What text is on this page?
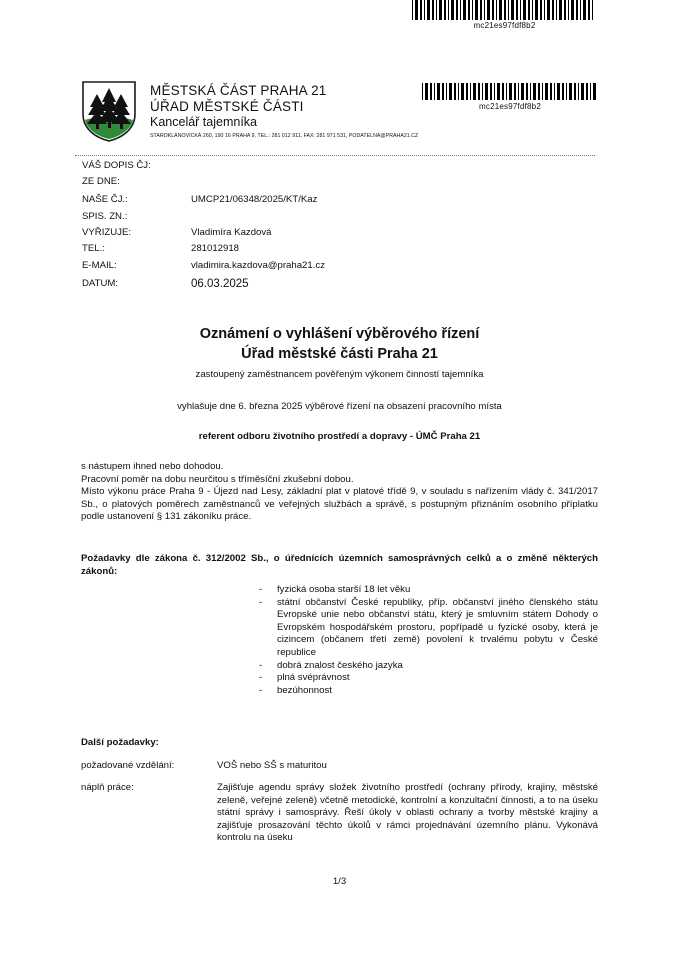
mc21es97fdf8b2
MĚSTSKÁ ČÁST PRAHA 21
ÚŘAD MĚSTSKÉ ČÁSTI
Kancelář tajemníka
STAROKLÁNOVICKÁ 260, 190 16 PRAHA 9, TEL.: 281 012 911, FAX: 281 971 531, PODATELNA@PRAHA21.CZ
mc21es97fdf8b2
VÁŠ DOPIS ČJ:
ZE DNE:
NAŠE ČJ.:	UMCP21/06348/2025/KT/Kaz
SPIS. ZN.:
VYŘIZUJE:	Vladimíra Kazdová
TEL.:	281012918
E-MAIL:	vladimira.kazdova@praha21.cz
DATUM:	06.03.2025
Oznámení o vyhlášení výběrového řízení
Úřad městské části Praha 21
zastoupený zaměstnancem pověřeným výkonem činností tajemníka
vyhlašuje dne 6. března 2025 výběrové řízení na obsazení pracovního místa
referent odboru životního prostředí a dopravy - ÚMČ Praha 21

s nástupem ihned nebo dohodou.

Pracovní poměr na dobu neurčitou s tříměsíční zkušební dobou.

Místo výkonu práce Praha 9 - Újezd nad Lesy, základní plat v platové třídě 9, v souladu s nařízením vlády č. 341/2017 Sb., o platových poměrech zaměstnanců ve veřejných službách a správě, s postupným přiznáním osobního příplatku podle ustanovení § 131 zákoníku práce.

Požadavky dle zákona č. 312/2002 Sb., o úřednících územních samosprávných celků a o změně některých zákonů:
- fyzická osoba starší 18 let věku
- státní občanství České republiky, příp. občanství jiného členského státu Evropské unie nebo občanství státu, který je smluvním státem Dohody o Evropském hospodářském prostoru, popřípadě u fyzické osoby, která je cizincem (občanem třetí země) povolení k trvalému pobytu v České republice
- dobrá znalost českého jazyka
- plná svéprávnost
- bezúhonnost
Další požadavky:
požadované vzdělání:	VOŠ nebo SŠ s maturitou
náplň práce:	Zajišťuje agendu správy složek životního prostředí (ochrany přírody, krajiny, městské zeleně, veřejné zeleně) včetně metodické, kontrolní a konzultační činnosti, a to na úseku státní správy i samosprávy. Řeší úkoly v oblasti ochrany a tvorby městské krajiny a zajišťuje prosazování těchto úkolů v rámci projednávání územního plánu. Vykonává kontrolu na úseku
1/3
